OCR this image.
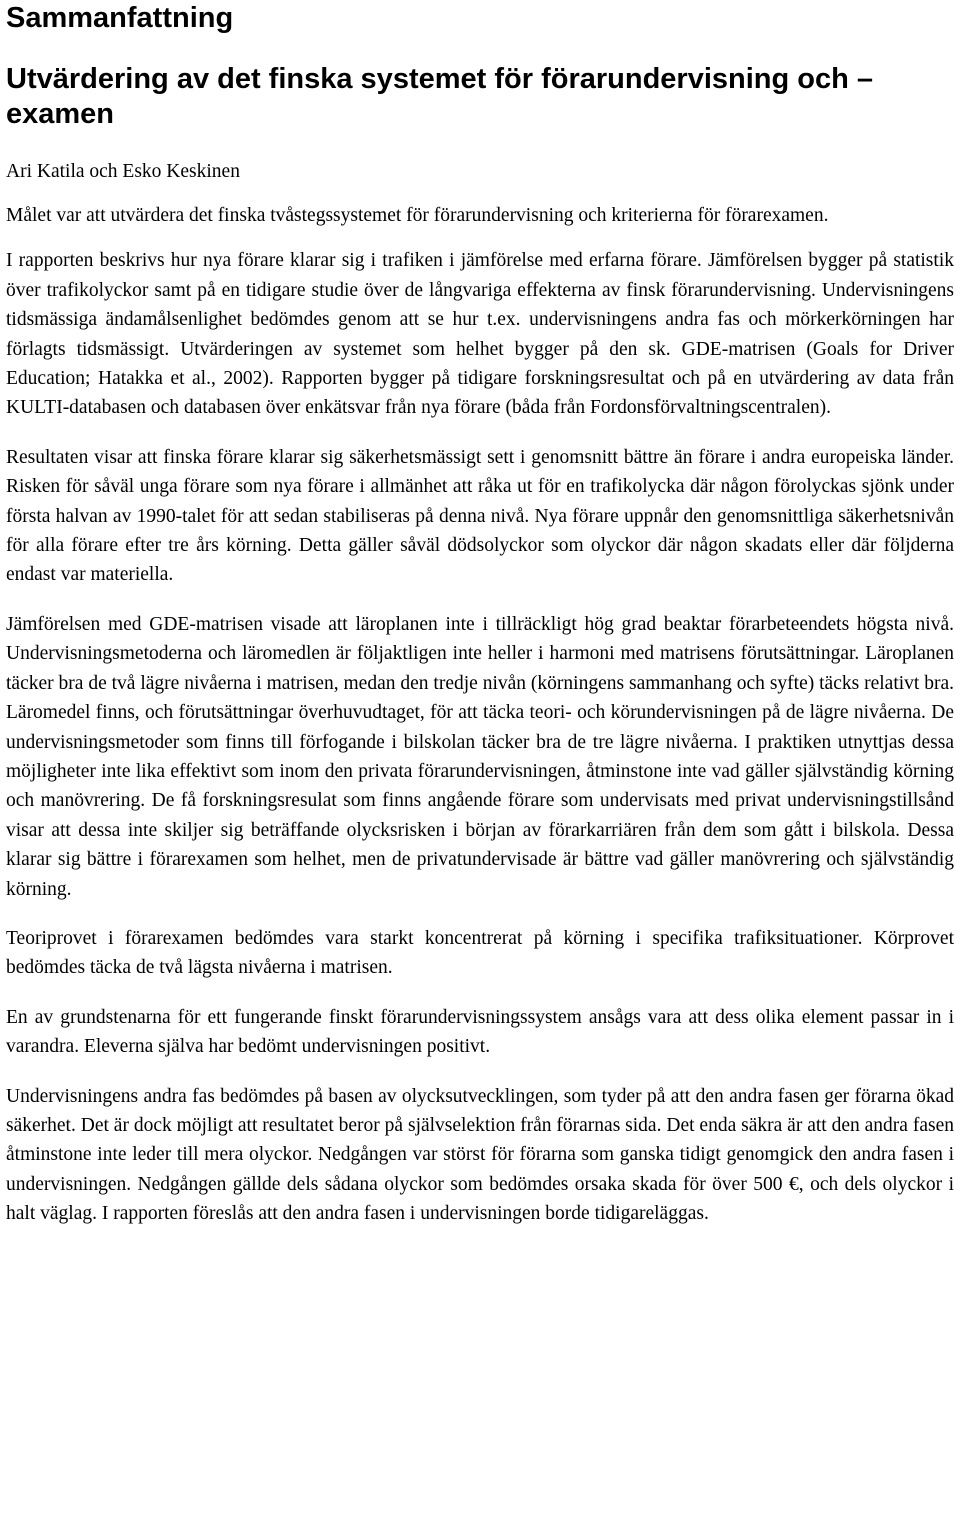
Sammanfattning
Utvärdering av det finska systemet för förarundervisning och –examen

Ari Katila och Esko Keskinen

Målet var att utvärdera det finska tvåstegssystemet för förarundervisning och kriterierna för förarexamen.

I rapporten beskrivs hur nya förare klarar sig i trafiken i jämförelse med erfarna förare. Jämförelsen bygger på statistik över trafikolyckor samt på en tidigare studie över de långvariga effekterna av finsk förarundervisning. Undervisningens tidsmässiga ändamålsenlighet bedömdes genom att se hur t.ex. undervisningens andra fas och mörkerkörningen har förlagts tidsmässigt. Utvärderingen av systemet som helhet bygger på den sk. GDE-matrisen (Goals for Driver Education; Hatakka et al., 2002). Rapporten bygger på tidigare forskningsresultat och på en utvärdering av data från KULTI-databasen och databasen över enkätsvar från nya förare (båda från Fordonsförvaltningscentralen).

Resultaten visar att finska förare klarar sig säkerhetsmässigt sett i genomsnitt bättre än förare i andra europeiska länder. Risken för såväl unga förare som nya förare i allmänhet att råka ut för en trafikolycka där någon förolyckas sjönk under första halvan av 1990-talet för att sedan stabiliseras på denna nivå. Nya förare uppnår den genomsnittliga säkerhetsnivån för alla förare efter tre års körning. Detta gäller såväl dödsolyckor som olyckor där någon skadats eller där följderna endast var materiella.

Jämförelsen med GDE-matrisen visade att läroplanen inte i tillräckligt hög grad beaktar förarbeteendets högsta nivå. Undervisningsmetoderna och läromedlen är följaktligen inte heller i harmoni med matrisens förutsättningar. Läroplanen täcker bra de två lägre nivåerna i matrisen, medan den tredje nivån (körningens sammanhang och syfte) täcks relativt bra. Läromedel finns, och förutsättningar överhuvudtaget, för att täcka teori- och körundervisningen på de lägre nivåerna. De undervisningsmetoder som finns till förfogande i bilskolan täcker bra de tre lägre nivåerna. I praktiken utnyttjas dessa möjligheter inte lika effektivt som inom den privata förarundervisningen, åtminstone inte vad gäller självständig körning och manövrering. De få forskningsresulat som finns angående förare som undervisats med privat undervisningstillsånd visar att dessa inte skiljer sig beträffande olycksrisken i början av förarkarriären från dem som gått i bilskola. Dessa klarar sig bättre i förarexamen som helhet, men de privatundervisade är bättre vad gäller manövrering och självständig körning.

Teoriprovet i förarexamen bedömdes vara starkt koncentrerat på körning i specifika trafiksituationer. Körprovet bedömdes täcka de två lägsta nivåerna i matrisen.

En av grundstenarna för ett fungerande finskt förarundervisningssystem ansågs vara att dess olika element passar in i varandra. Eleverna själva har bedömt undervisningen positivt.

Undervisningens andra fas bedömdes på basen av olycksutvecklingen, som tyder på att den andra fasen ger förarna ökad säkerhet. Det är dock möjligt att resultatet beror på självselektion från förarnas sida. Det enda säkra är att den andra fasen åtminstone inte leder till mera olyckor. Nedgången var störst för förarna som ganska tidigt genomgick den andra fasen i undervisningen. Nedgången gällde dels sådana olyckor som bedömdes orsaka skada för över 500 €, och dels olyckor i halt väglag. I rapporten föreslås att den andra fasen i undervisningen borde tidigareläggas.
